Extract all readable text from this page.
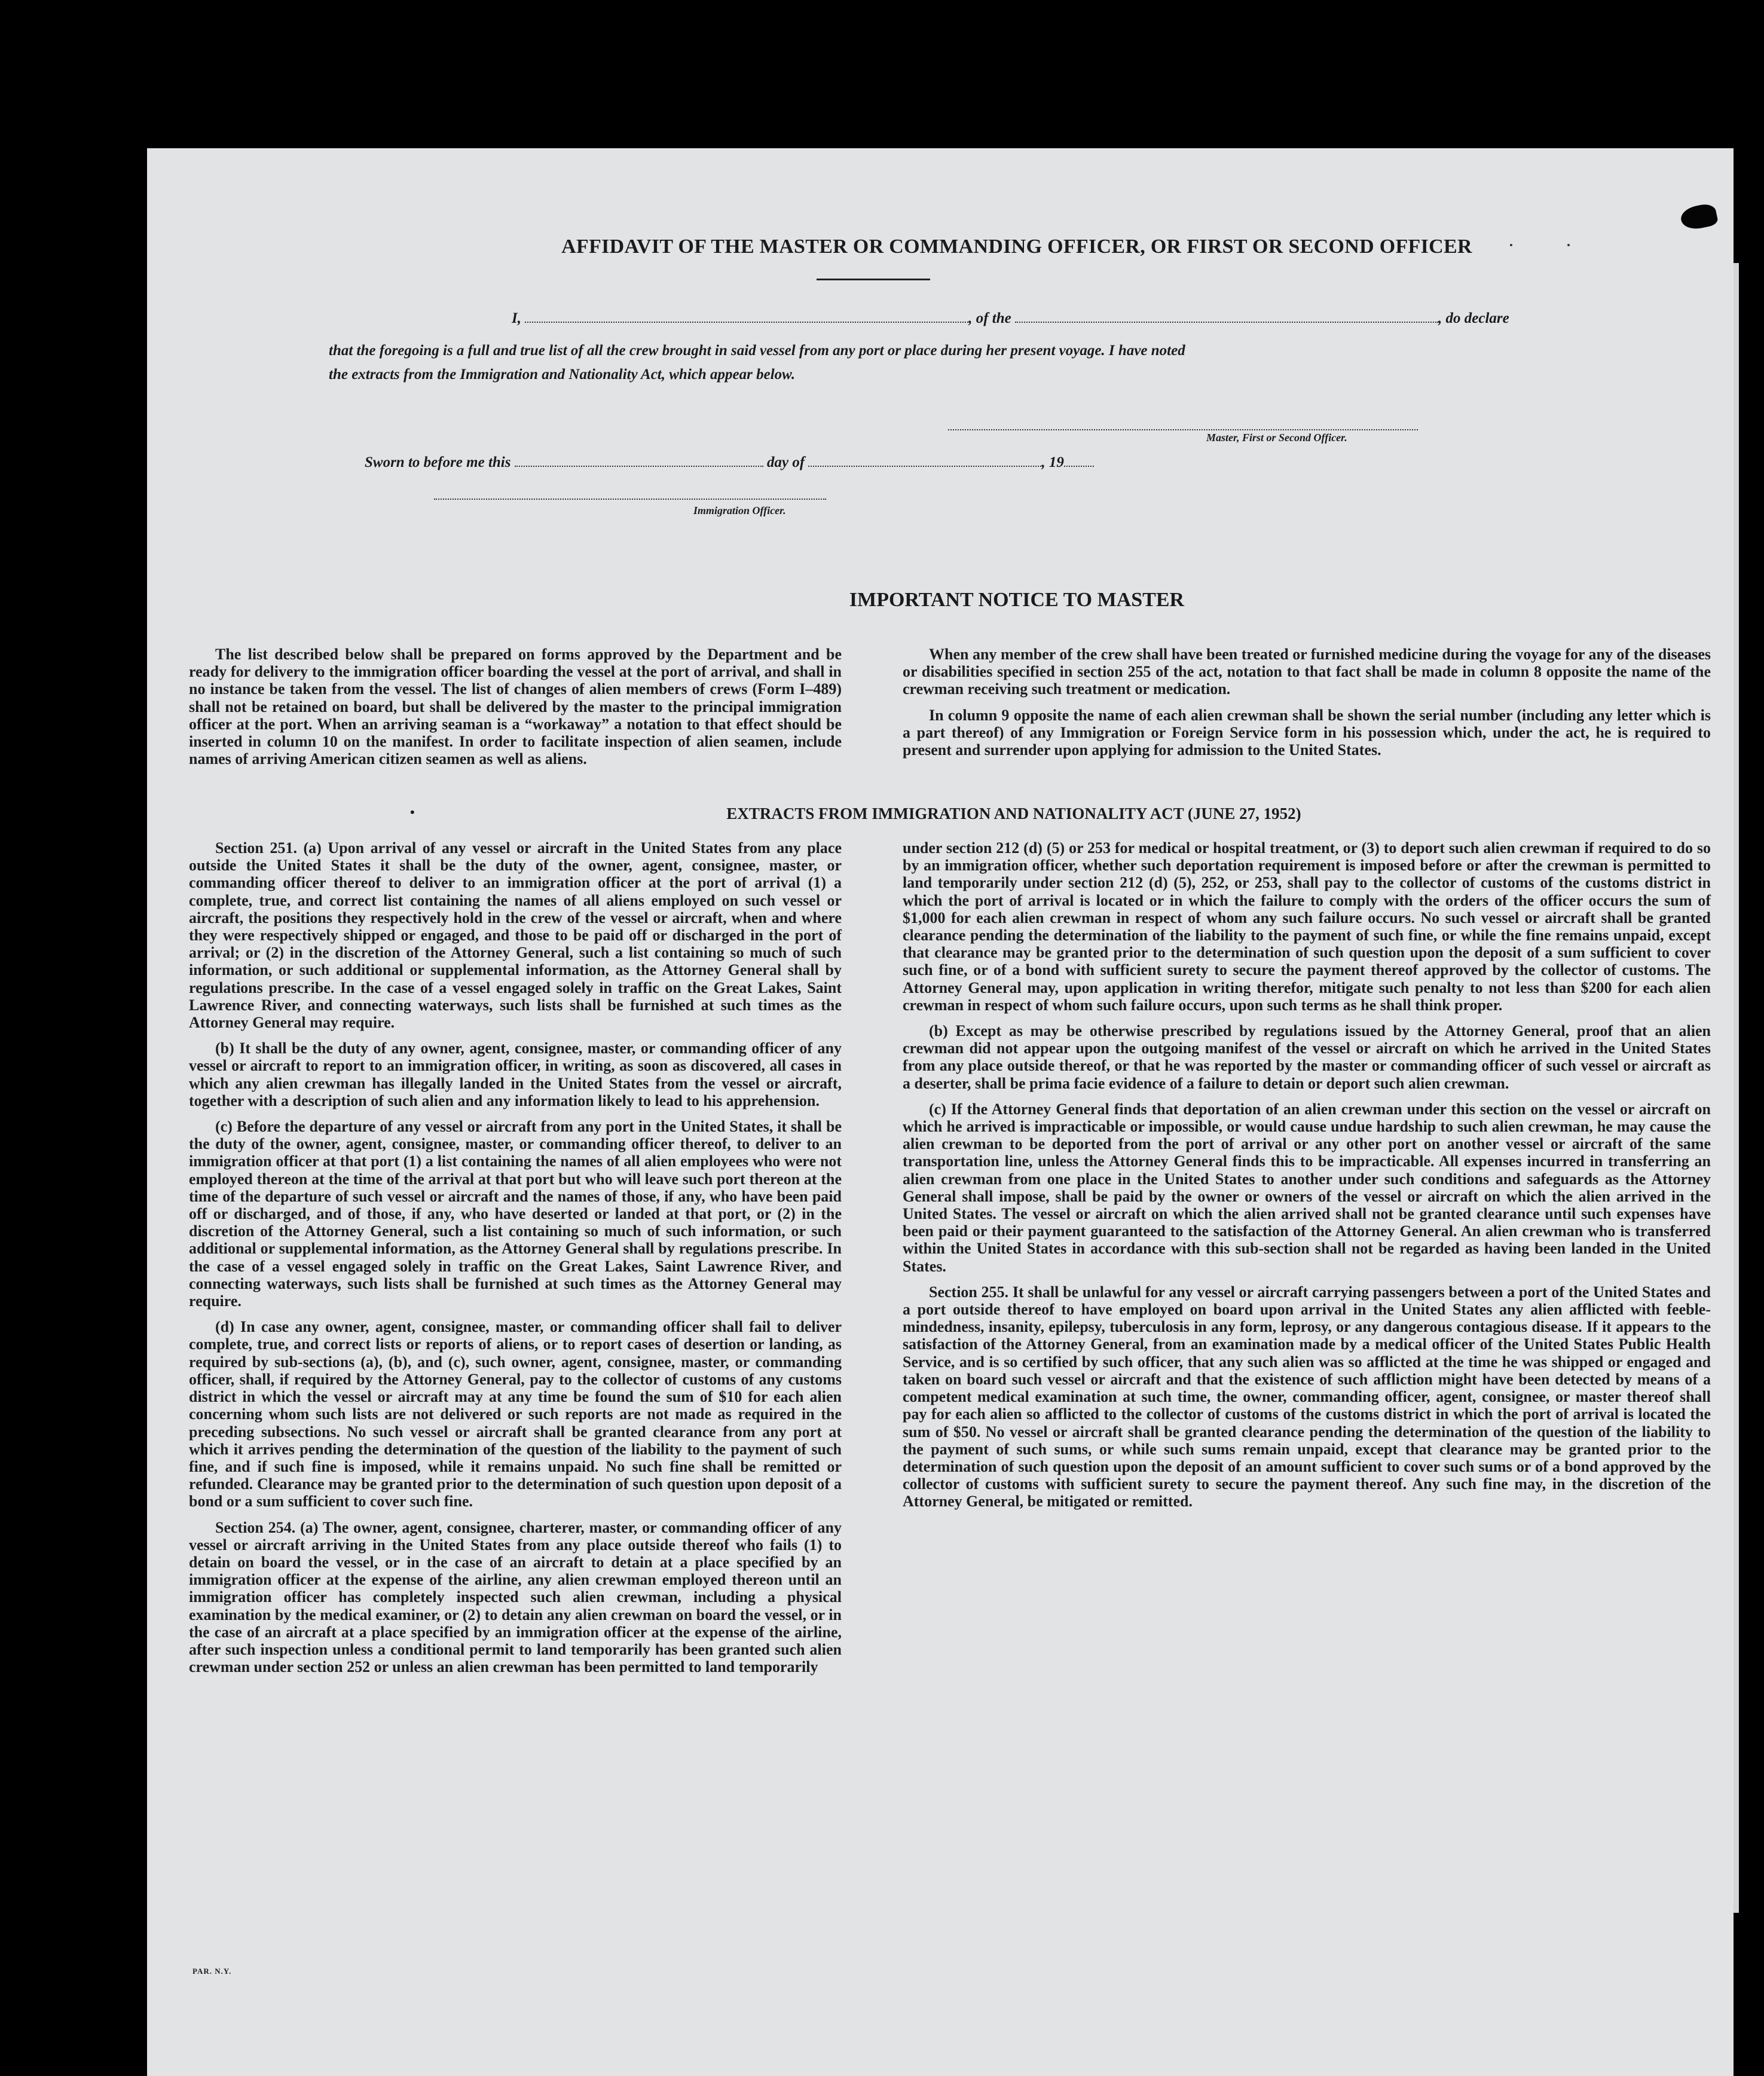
AFFIDAVIT OF THE MASTER OR COMMANDING OFFICER, OR FIRST OR SECOND OFFICER
I,	, of the	, do declare
that the foregoing is a full and true list of all the crew brought in said vessel from any port or place during her present voyage. I have noted
the extracts from the Immigration and Nationality Act, which appear below.
Master, First or Second Officer.
Sworn to before me this	day of	, 19
Immigration Officer.
IMPORTANT NOTICE TO MASTER

The list described below shall be prepared on forms approved by the Department and be ready for delivery to the immigration officer boarding the vessel at the port of arrival, and shall in no instance be taken from the vessel. The list of changes of alien members of crews (Form I–489) shall not be retained on board, but shall be delivered by the master to the principal immigration officer at the port. When an arriving seaman is a “workaway” a notation to that effect should be inserted in column 10 on the manifest. In order to facilitate inspection of alien seamen, include names of arriving American citizen seamen as well as aliens.

When any member of the crew shall have been treated or furnished medicine during the voyage for any of the diseases or disabilities specified in section 255 of the act, notation to that fact shall be made in column 8 opposite the name of the crewman receiving such treatment or medication.

In column 9 opposite the name of each alien crewman shall be shown the serial number (including any letter which is a part thereof) of any Immigration or Foreign Service form in his possession which, under the act, he is required to present and surrender upon applying for admission to the United States.

•	EXTRACTS FROM IMMIGRATION AND NATIONALITY ACT (JUNE 27, 1952)

Section 251. (a) Upon arrival of any vessel or aircraft in the United States from any place outside the United States it shall be the duty of the owner, agent, consignee, master, or commanding officer thereof to deliver to an immigration officer at the port of arrival (1) a complete, true, and correct list containing the names of all aliens employed on such vessel or aircraft, the positions they respectively hold in the crew of the vessel or aircraft, when and where they were respectively shipped or engaged, and those to be paid off or discharged in the port of arrival; or (2) in the discretion of the Attorney General, such a list containing so much of such information, or such additional or supplemental information, as the Attorney General shall by regulations prescribe. In the case of a vessel engaged solely in traffic on the Great Lakes, Saint Lawrence River, and connecting waterways, such lists shall be furnished at such times as the Attorney General may require.

(b) It shall be the duty of any owner, agent, consignee, master, or commanding officer of any vessel or aircraft to report to an immigration officer, in writing, as soon as discovered, all cases in which any alien crewman has illegally landed in the United States from the vessel or aircraft, together with a description of such alien and any information likely to lead to his apprehension.

(c) Before the departure of any vessel or aircraft from any port in the United States, it shall be the duty of the owner, agent, consignee, master, or commanding officer thereof, to deliver to an immigration officer at that port (1) a list containing the names of all alien employees who were not employed thereon at the time of the arrival at that port but who will leave such port thereon at the time of the departure of such vessel or aircraft and the names of those, if any, who have been paid off or discharged, and of those, if any, who have deserted or landed at that port, or (2) in the discretion of the Attorney General, such a list containing so much of such information, or such additional or supplemental information, as the Attorney General shall by regulations prescribe. In the case of a vessel engaged solely in traffic on the Great Lakes, Saint Lawrence River, and connecting waterways, such lists shall be furnished at such times as the Attorney General may require.

(d) In case any owner, agent, consignee, master, or commanding officer shall fail to deliver complete, true, and correct lists or reports of aliens, or to report cases of desertion or landing, as required by sub-sections (a), (b), and (c), such owner, agent, consignee, master, or commanding officer, shall, if required by the Attorney General, pay to the collector of customs of any customs district in which the vessel or aircraft may at any time be found the sum of $10 for each alien concerning whom such lists are not delivered or such reports are not made as required in the preceding subsections. No such vessel or aircraft shall be granted clearance from any port at which it arrives pending the determination of the question of the liability to the payment of such fine, and if such fine is imposed, while it remains unpaid. No such fine shall be remitted or refunded. Clearance may be granted prior to the determination of such question upon deposit of a bond or a sum sufficient to cover such fine.

Section 254. (a) The owner, agent, consignee, charterer, master, or commanding officer of any vessel or aircraft arriving in the United States from any place outside thereof who fails (1) to detain on board the vessel, or in the case of an aircraft to detain at a place specified by an immigration officer at the expense of the airline, any alien crewman employed thereon until an immigration officer has completely inspected such alien crewman, including a physical examination by the medical examiner, or (2) to detain any alien crewman on board the vessel, or in the case of an aircraft at a place specified by an immigration officer at the expense of the airline, after such inspection unless a conditional permit to land temporarily has been granted such alien crewman under section 252 or unless an alien crewman has been permitted to land temporarily

under section 212 (d) (5) or 253 for medical or hospital treatment, or (3) to deport such alien crewman if required to do so by an immigration officer, whether such deportation requirement is imposed before or after the crewman is permitted to land temporarily under section 212 (d) (5), 252, or 253, shall pay to the collector of customs of the customs district in which the port of arrival is located or in which the failure to comply with the orders of the officer occurs the sum of $1,000 for each alien crewman in respect of whom any such failure occurs. No such vessel or aircraft shall be granted clearance pending the determination of the liability to the payment of such fine, or while the fine remains unpaid, except that clearance may be granted prior to the determination of such question upon the deposit of a sum sufficient to cover such fine, or of a bond with sufficient surety to secure the payment thereof approved by the collector of customs. The Attorney General may, upon application in writing therefor, mitigate such penalty to not less than $200 for each alien crewman in respect of whom such failure occurs, upon such terms as he shall think proper.

(b) Except as may be otherwise prescribed by regulations issued by the Attorney General, proof that an alien crewman did not appear upon the outgoing manifest of the vessel or aircraft on which he arrived in the United States from any place outside thereof, or that he was reported by the master or commanding officer of such vessel or aircraft as a deserter, shall be prima facie evidence of a failure to detain or deport such alien crewman.

(c) If the Attorney General finds that deportation of an alien crewman under this section on the vessel or aircraft on which he arrived is impracticable or impossible, or would cause undue hardship to such alien crewman, he may cause the alien crewman to be deported from the port of arrival or any other port on another vessel or aircraft of the same transportation line, unless the Attorney General finds this to be impracticable. All expenses incurred in transferring an alien crewman from one place in the United States to another under such conditions and safeguards as the Attorney General shall impose, shall be paid by the owner or owners of the vessel or aircraft on which the alien arrived in the United States. The vessel or aircraft on which the alien arrived shall not be granted clearance until such expenses have been paid or their payment guaranteed to the satisfaction of the Attorney General. An alien crewman who is transferred within the United States in accordance with this sub-section shall not be regarded as having been landed in the United States.

Section 255. It shall be unlawful for any vessel or aircraft carrying passengers between a port of the United States and a port outside thereof to have employed on board upon arrival in the United States any alien afflicted with feeble-mindedness, insanity, epilepsy, tuberculosis in any form, leprosy, or any dangerous contagious disease. If it appears to the satisfaction of the Attorney General, from an examination made by a medical officer of the United States Public Health Service, and is so certified by such officer, that any such alien was so afflicted at the time he was shipped or engaged and taken on board such vessel or aircraft and that the existence of such affliction might have been detected by means of a competent medical examination at such time, the owner, commanding officer, agent, consignee, or master thereof shall pay for each alien so afflicted to the collector of customs of the customs district in which the port of arrival is located the sum of $50. No vessel or aircraft shall be granted clearance pending the determination of the question of the liability to the payment of such sums, or while such sums remain unpaid, except that clearance may be granted prior to the determination of such question upon the deposit of an amount sufficient to cover such sums or of a bond approved by the collector of customs with sufficient surety to secure the payment thereof. Any such fine may, in the discretion of the Attorney General, be mitigated or remitted.

PAR. N.Y.
